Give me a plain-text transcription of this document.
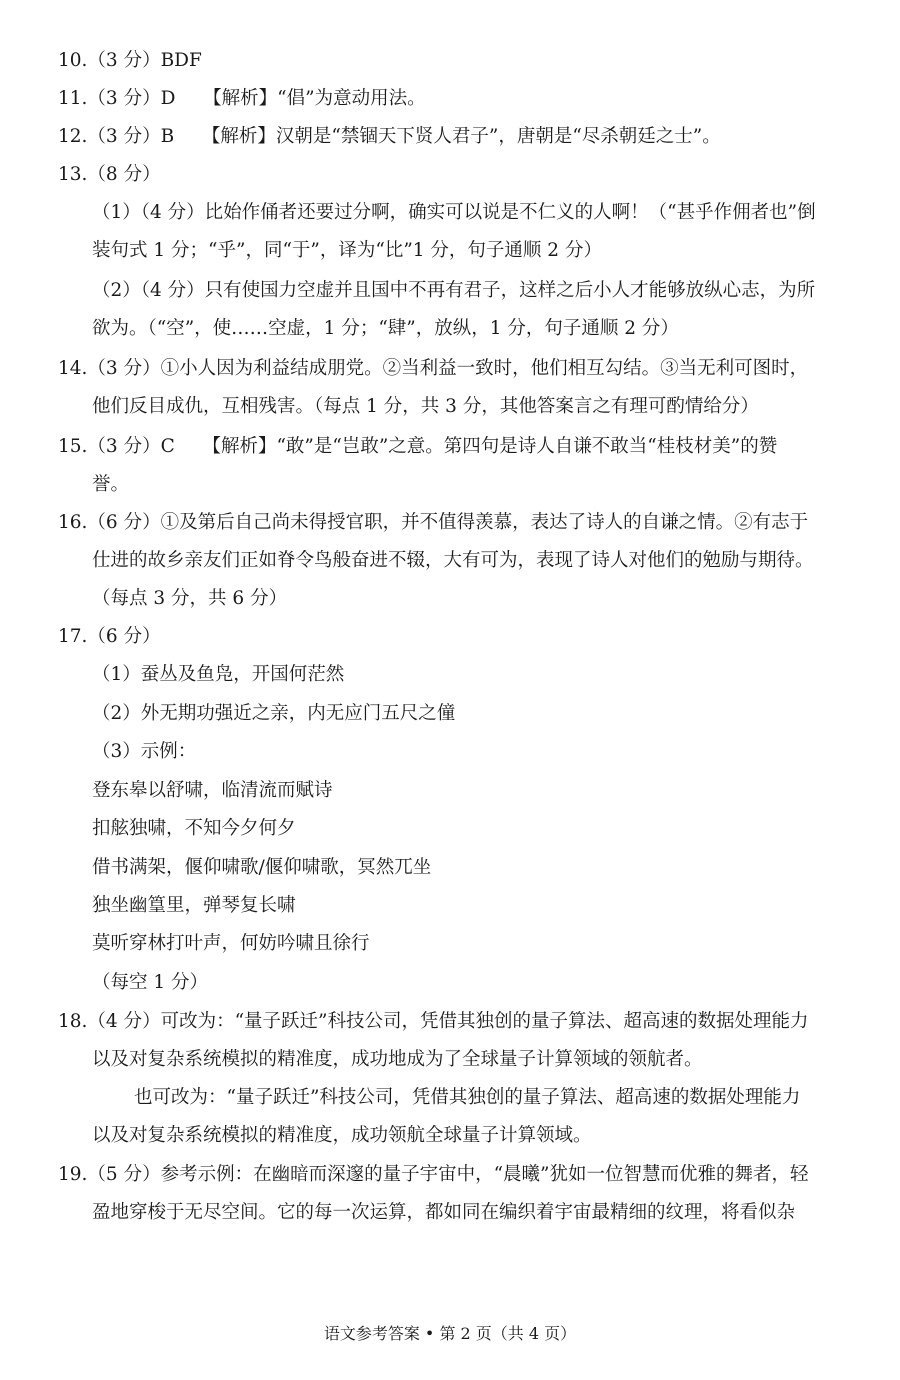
10.（3 分）BDF
11.（3 分）D　　【解析】“倡”为意动用法。
12.（3 分）B　　【解析】汉朝是“禁锢天下贤人君子”，唐朝是“尽杀朝廷之士”。
13.（8 分）
（1）（4 分）比始作俑者还要过分啊，确实可以说是不仁义的人啊！（“甚乎作佣者也”倒
装句式 1 分；“乎”，同“于”，译为“比”1 分，句子通顺 2 分）
（2）（4 分）只有使国力空虚并且国中不再有君子，这样之后小人才能够放纵心志，为所
欲为。（“空”，使……空虚，1 分；“肆”，放纵，1 分，句子通顺 2 分）
14.（3 分）①小人因为利益结成朋党。②当利益一致时，他们相互勾结。③当无利可图时，
他们反目成仇，互相残害。（每点 1 分，共 3 分，其他答案言之有理可酌情给分）
15.（3 分）C　　【解析】“敢”是“岂敢”之意。第四句是诗人自谦不敢当“桂枝材美”的赞
誉。
16.（6 分）①及第后自己尚未得授官职，并不值得羡慕，表达了诗人的自谦之情。②有志于
仕进的故乡亲友们正如脊令鸟般奋进不辍，大有可为，表现了诗人对他们的勉励与期待。
（每点 3 分，共 6 分）
17.（6 分）
（1）蚕丛及鱼凫，开国何茫然
（2）外无期功强近之亲，内无应门五尺之僮
（3）示例：
登东皋以舒啸，临清流而赋诗
扣舷独啸，不知今夕何夕
借书满架，偃仰啸歌/偃仰啸歌，冥然兀坐
独坐幽篁里，弹琴复长啸
莫听穿林打叶声，何妨吟啸且徐行
（每空 1 分）
18.（4 分）可改为：“量子跃迁”科技公司，凭借其独创的量子算法、超高速的数据处理能力
以及对复杂系统模拟的精准度，成功地成为了全球量子计算领域的领航者。
也可改为：“量子跃迁”科技公司，凭借其独创的量子算法、超高速的数据处理能力
以及对复杂系统模拟的精准度，成功领航全球量子计算领域。
19.（5 分）参考示例：在幽暗而深邃的量子宇宙中，“晨曦”犹如一位智慧而优雅的舞者，轻
盈地穿梭于无尽空间。它的每一次运算，都如同在编织着宇宙最精细的纹理，将看似杂
语文参考答案 • 第 2 页（共 4 页）
